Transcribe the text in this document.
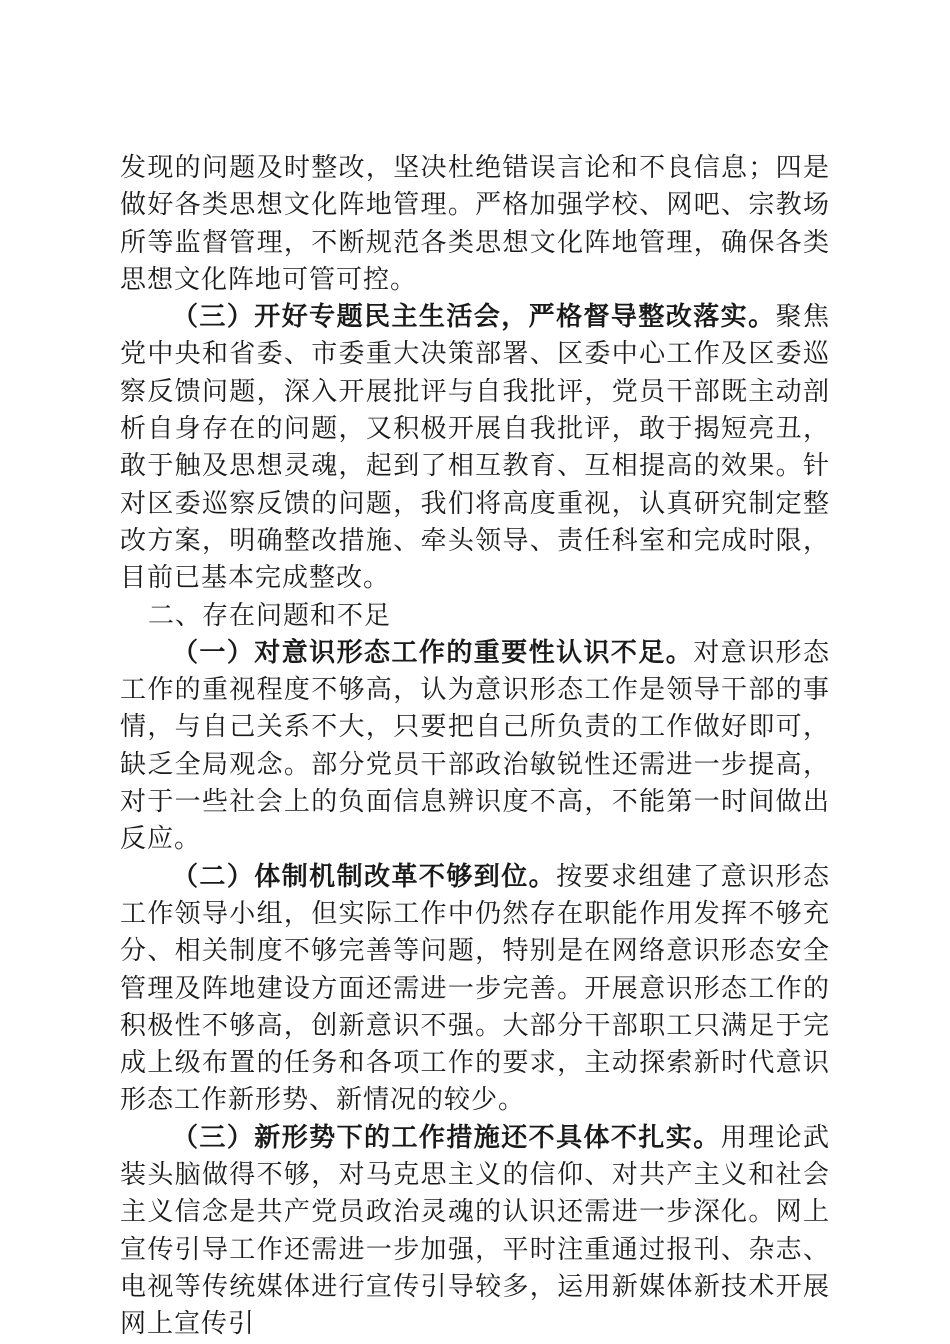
发现的问题及时整改，坚决杜绝错误言论和不良信息；四是做好各类思想文化阵地管理。严格加强学校、网吧、宗教场所等监督管理，不断规范各类思想文化阵地管理，确保各类思想文化阵地可管可控。

（三）开好专题民主生活会，严格督导整改落实。聚焦党中央和省委、市委重大决策部署、区委中心工作及区委巡察反馈问题，深入开展批评与自我批评，党员干部既主动剖析自身存在的问题，又积极开展自我批评，敢于揭短亮丑，敢于触及思想灵魂，起到了相互教育、互相提高的效果。针对区委巡察反馈的问题，我们将高度重视，认真研究制定整改方案，明确整改措施、牵头领导、责任科室和完成时限，目前已基本完成整改。

二、存在问题和不足

（一）对意识形态工作的重要性认识不足。对意识形态工作的重视程度不够高，认为意识形态工作是领导干部的事情，与自己关系不大，只要把自己所负责的工作做好即可，缺乏全局观念。部分党员干部政治敏锐性还需进一步提高，对于一些社会上的负面信息辨识度不高，不能第一时间做出反应。

（二）体制机制改革不够到位。按要求组建了意识形态工作领导小组，但实际工作中仍然存在职能作用发挥不够充分、相关制度不够完善等问题，特别是在网络意识形态安全管理及阵地建设方面还需进一步完善。开展意识形态工作的积极性不够高，创新意识不强。大部分干部职工只满足于完成上级布置的任务和各项工作的要求，主动探索新时代意识形态工作新形势、新情况的较少。

（三）新形势下的工作措施还不具体不扎实。用理论武装头脑做得不够，对马克思主义的信仰、对共产主义和社会主义信念是共产党员政治灵魂的认识还需进一步深化。网上宣传引导工作还需进一步加强，平时注重通过报刊、杂志、电视等传统媒体进行宣传引导较多，运用新媒体新技术开展网上宣传引
